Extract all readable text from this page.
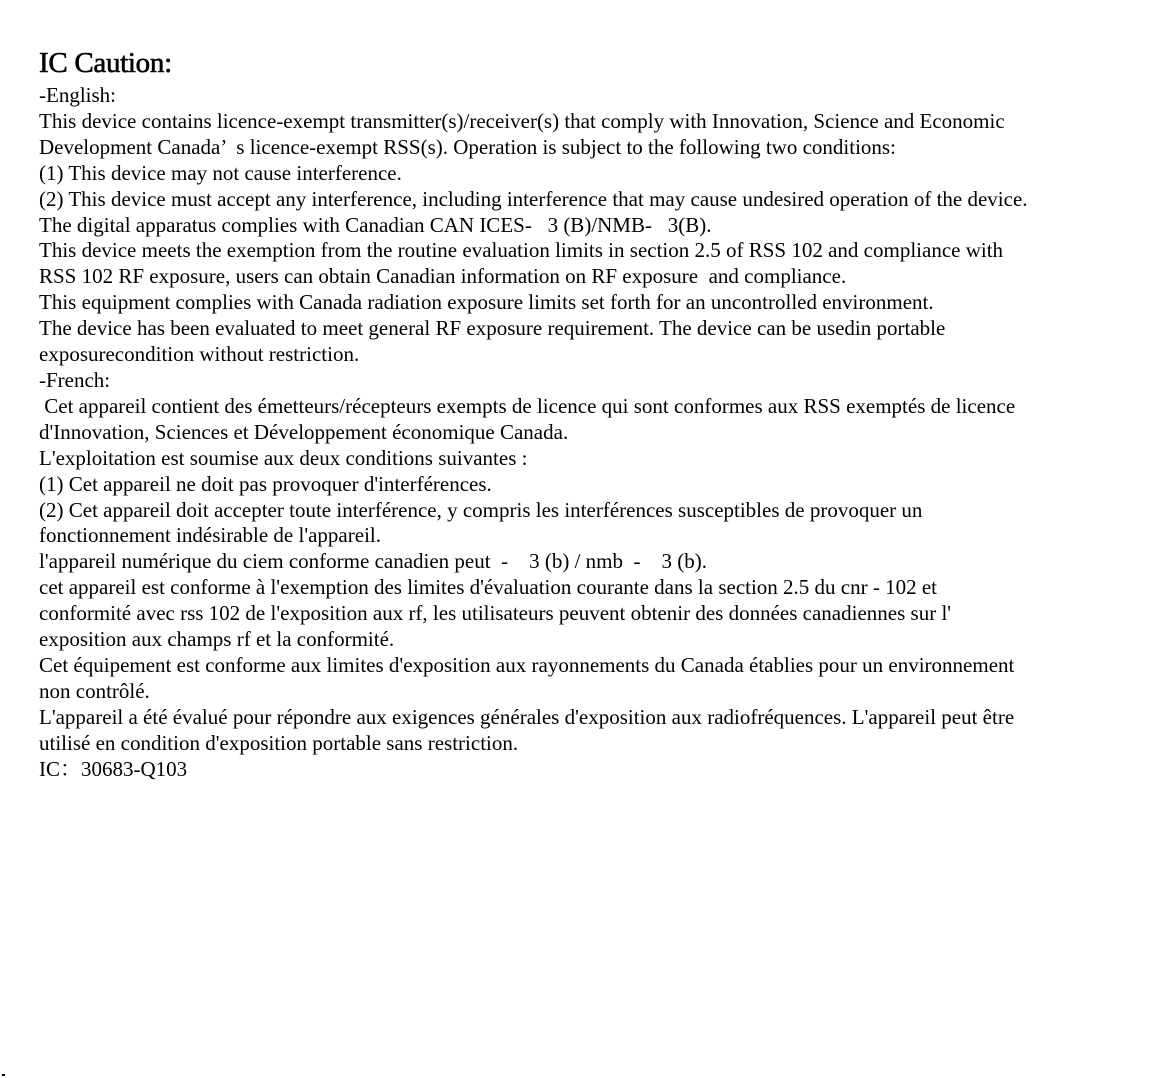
IC Caution:

-English:

This device contains licence-exempt transmitter(s)/receiver(s) that comply with Innovation, Science and Economic

Development Canada’  s licence-exempt RSS(s). Operation is subject to the following two conditions:

(1) This device may not cause interference.

(2) This device must accept any interference, including interference that may cause undesired operation of the device.

The digital apparatus complies with Canadian CAN ICES-   3 (B)/NMB-   3(B).

This device meets the exemption from the routine evaluation limits in section 2.5 of RSS 102 and compliance with

RSS 102 RF exposure, users can obtain Canadian information on RF exposure  and compliance.

This equipment complies with Canada radiation exposure limits set forth for an uncontrolled environment.

The device has been evaluated to meet general RF exposure requirement. The device can be usedin portable

exposurecondition without restriction.

-French:

Cet appareil contient des émetteurs/récepteurs exempts de licence qui sont conformes aux RSS exemptés de licence

d'Innovation, Sciences et Développement économique Canada.

L'exploitation est soumise aux deux conditions suivantes :

(1) Cet appareil ne doit pas provoquer d'interférences.

(2) Cet appareil doit accepter toute interférence, y compris les interférences susceptibles de provoquer un

fonctionnement indésirable de l'appareil.

l'appareil numérique du ciem conforme canadien peut  -    3 (b) / nmb  -    3 (b).

cet appareil est conforme à l'exemption des limites d'évaluation courante dans la section 2.5 du cnr - 102 et

conformité avec rss 102 de l'exposition aux rf, les utilisateurs peuvent obtenir des données canadiennes sur l'

exposition aux champs rf et la conformité.

Cet équipement est conforme aux limites d'exposition aux rayonnements du Canada établies pour un environnement

non contrôlé.

L'appareil a été évalué pour répondre aux exigences générales d'exposition aux radiofréquences. L'appareil peut être

utilisé en condition d'exposition portable sans restriction.

IC：30683-Q103
